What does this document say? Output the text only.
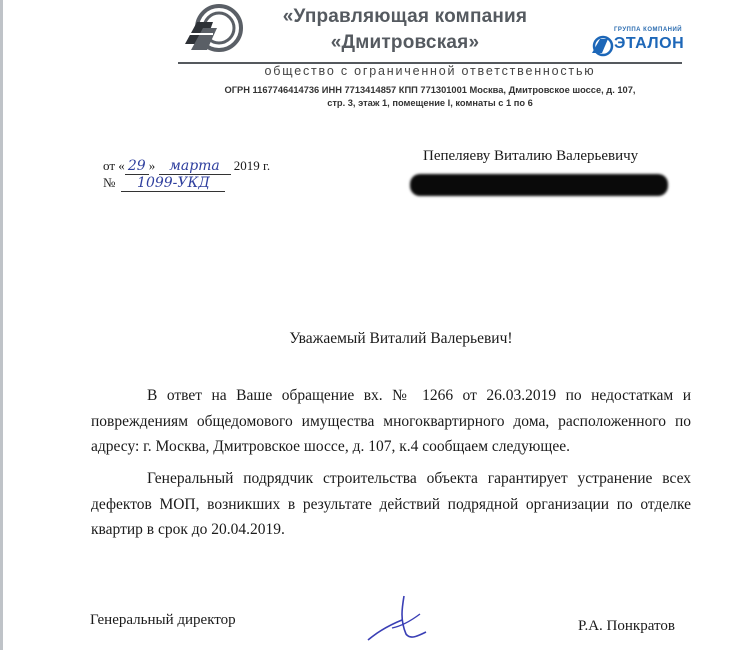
«Управляющая компания
«Дмитровская»
ГРУППА КОМПАНИЙ
ЭТАЛОН
общество с ограниченной ответственностью
ОГРН 1167746414736 ИНН 7713414857 КПП 771301001 Москва, Дмитровское шоссе, д. 107,
стр. 3, этаж 1, помещение I, комнаты с 1 по 6
от « 29 » марта 2019 г.
№ 1099-УКД
Пепеляеву Виталию Валерьевичу
Уважаемый Виталий Валерьевич!
В ответ на Ваше обращение вх. № 1266 от 26.03.2019 по недостаткам и повреждениям общедомового имущества многоквартирного дома, расположенного по адресу: г. Москва, Дмитровское шоссе, д. 107, к.4 сообщаем следующее.
Генеральный подрядчик строительства объекта гарантирует устранение всех дефектов МОП, возникших в результате действий подрядной организации по отделке квартир в срок до 20.04.2019.
Генеральный директор	Р.А. Понкратов
